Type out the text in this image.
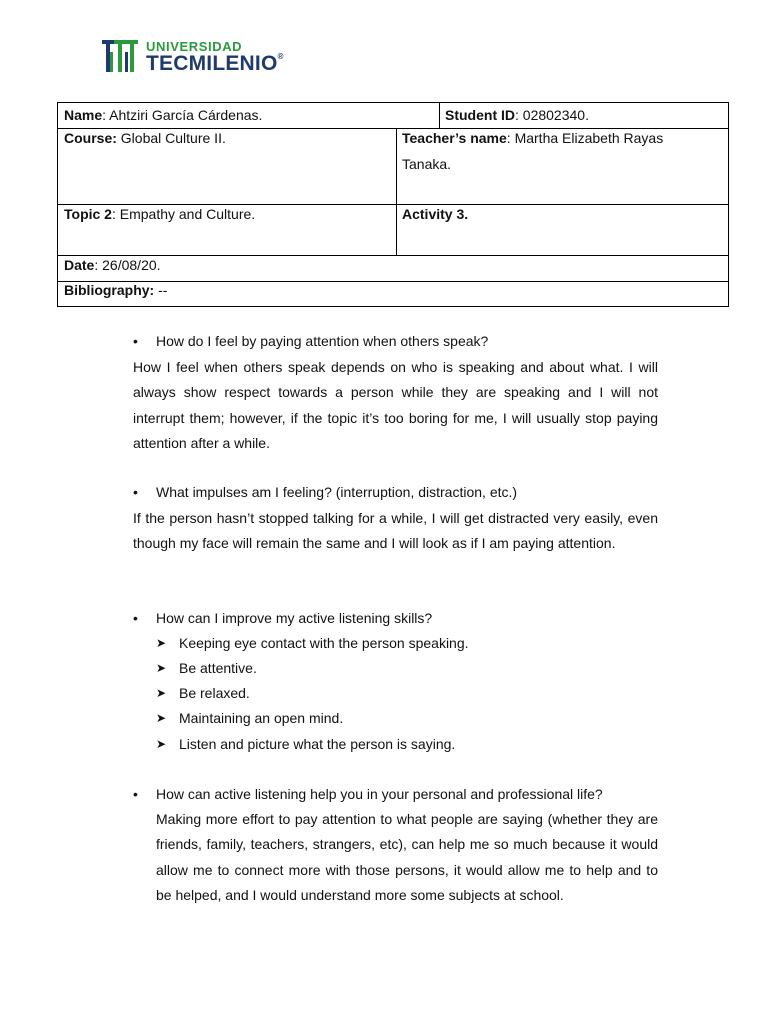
UNIVERSIDAD
TECMILENIO®
Name: Ahtziri García Cárdenas.	Student ID: 02802340.
Course: Global Culture II.	Teacher’s name: Martha Elizabeth Rayas Tanaka.
Topic 2: Empathy and Culture.	Activity 3.
Date: 26/08/20.
Bibliography: --
• How do I feel by paying attention when others speak?
How I feel when others speak depends on who is speaking and about what. I will always show respect towards a person while they are speaking and I will not interrupt them; however, if the topic it’s too boring for me, I will usually stop paying attention after a while.
• What impulses am I feeling? (interruption, distraction, etc.)
If the person hasn’t stopped talking for a while, I will get distracted very easily, even though my face will remain the same and I will look as if I am paying attention.
• How can I improve my active listening skills?
➤ Keeping eye contact with the person speaking.
➤ Be attentive.
➤ Be relaxed.
➤ Maintaining an open mind.
➤ Listen and picture what the person is saying.
• How can active listening help you in your personal and professional life?
Making more effort to pay attention to what people are saying (whether they are friends, family, teachers, strangers, etc), can help me so much because it would allow me to connect more with those persons, it would allow me to help and to be helped, and I would understand more some subjects at school.
